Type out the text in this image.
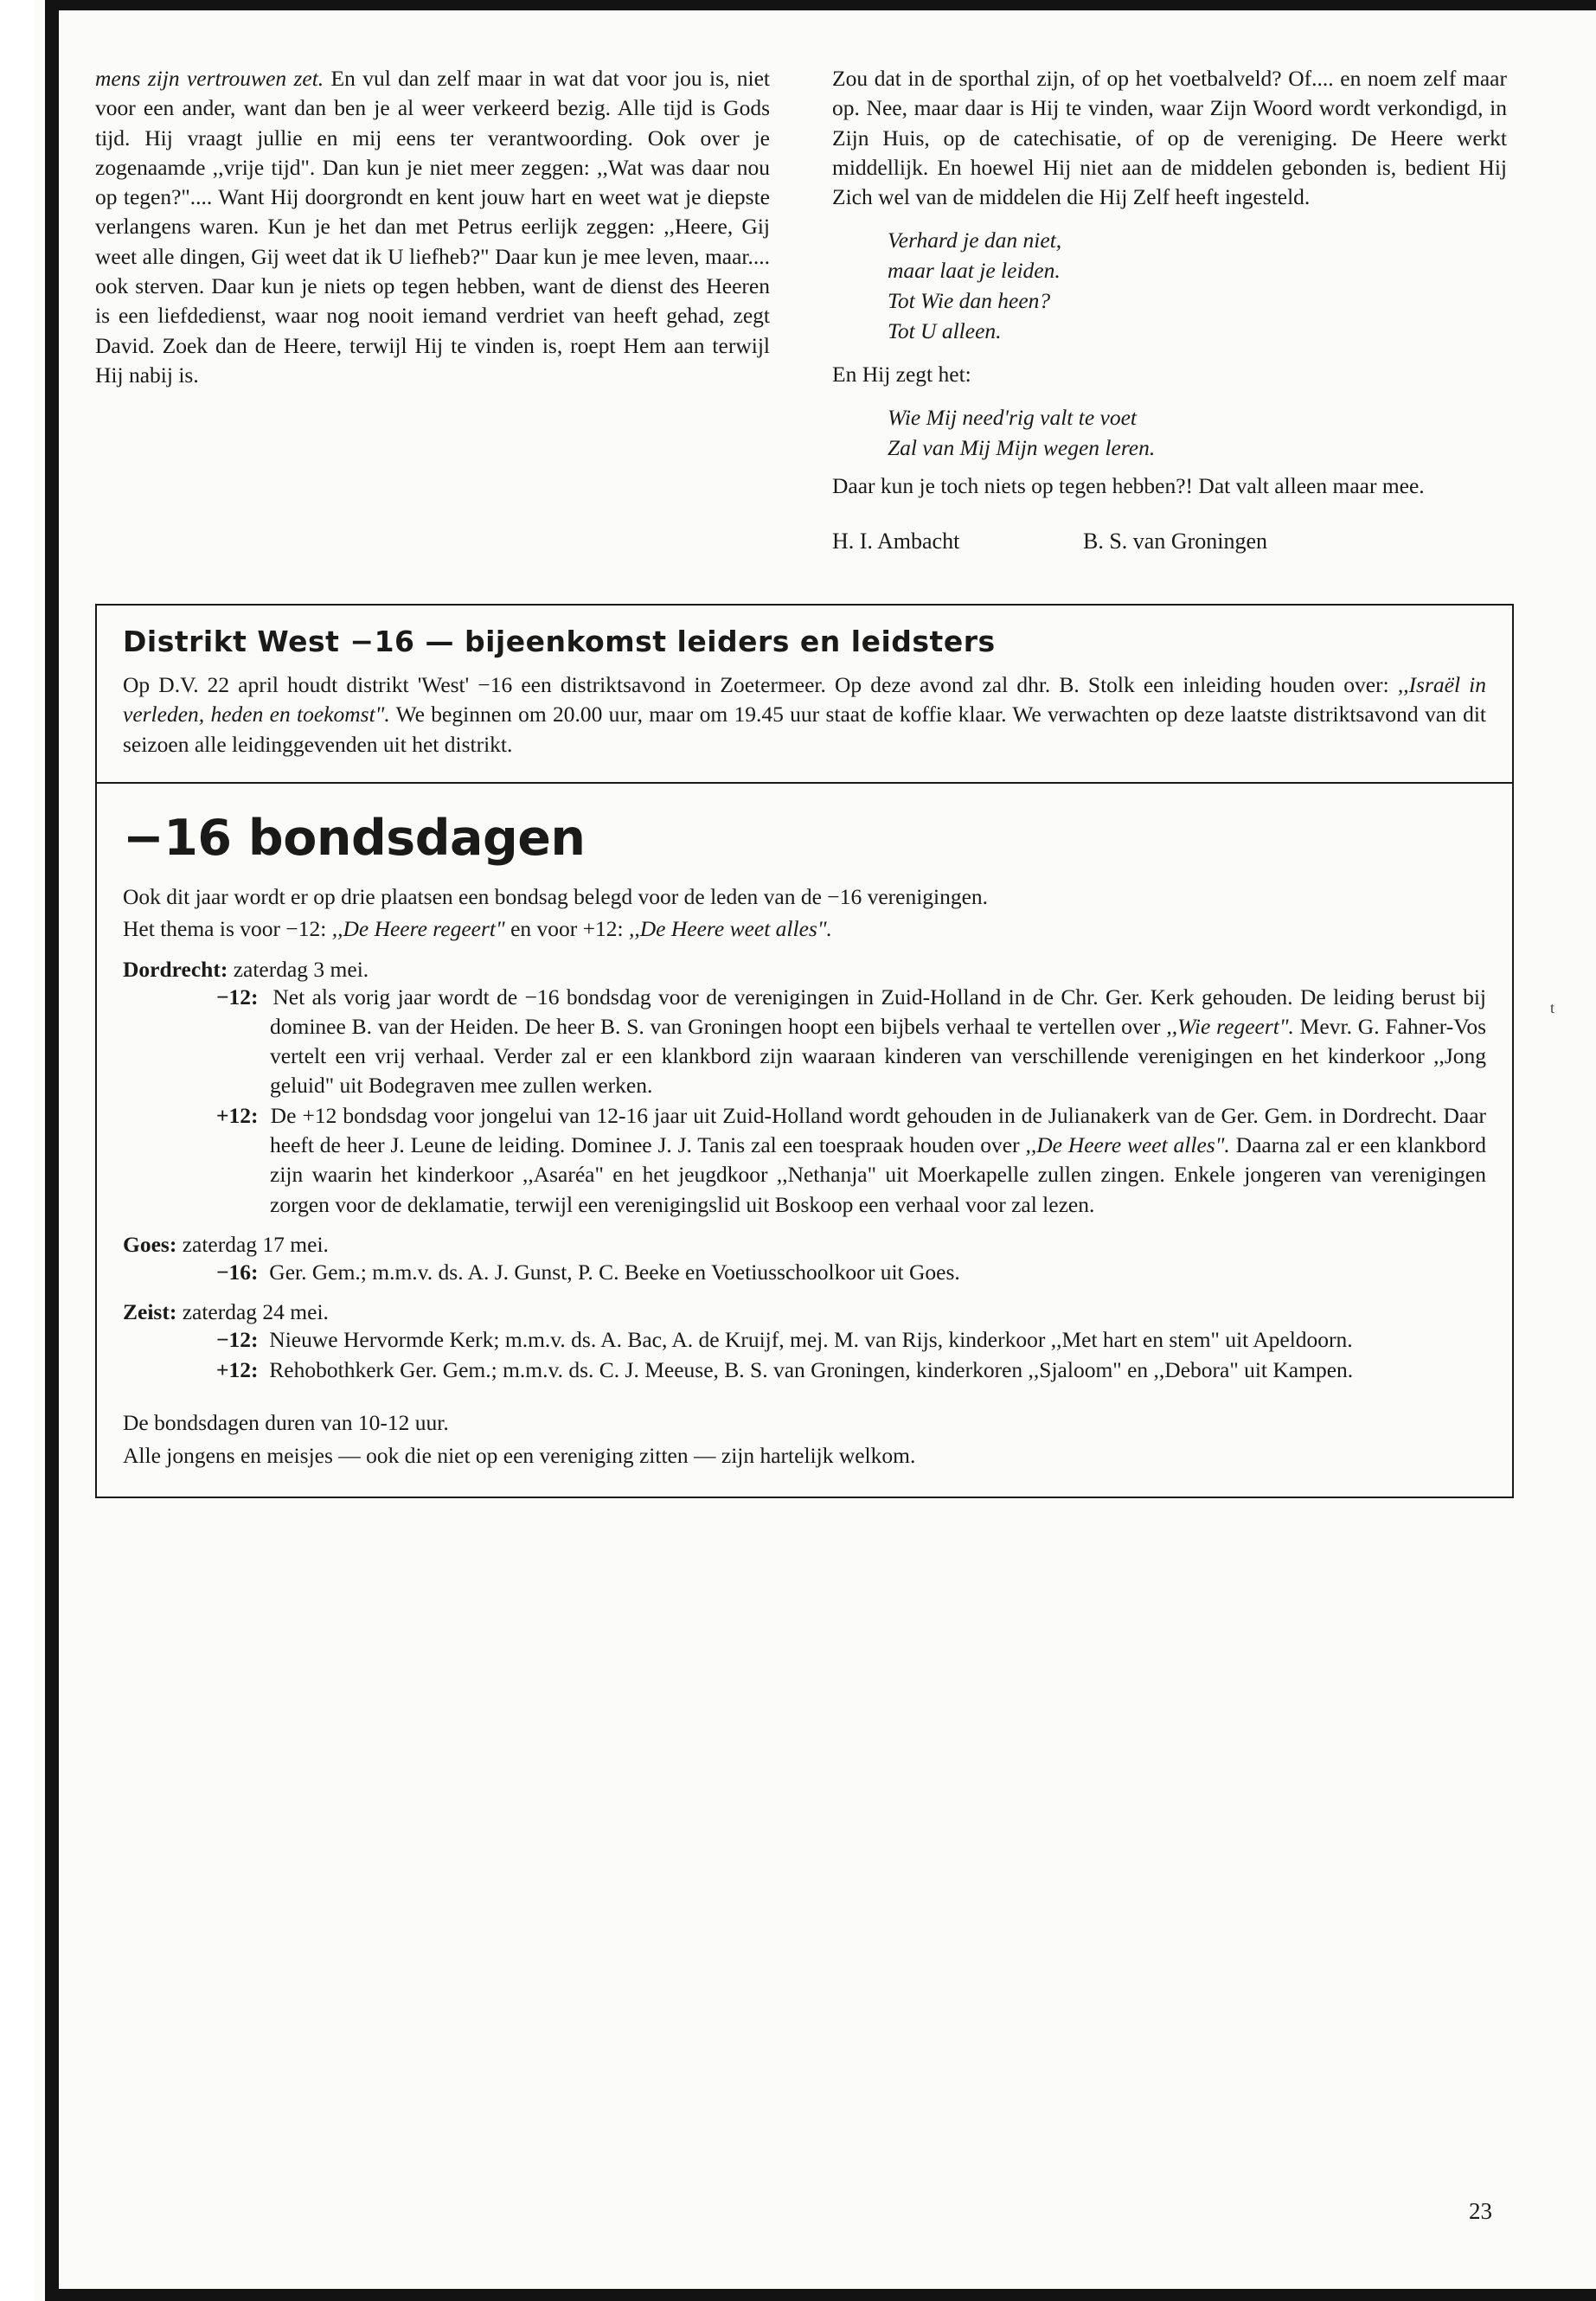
mens zijn vertrouwen zet. En vul dan zelf maar in wat dat voor jou is, niet voor een ander, want dan ben je al weer verkeerd bezig. Alle tijd is Gods tijd. Hij vraagt jullie en mij eens ter verantwoording. Ook over je zogenaamde ,,vrije tijd". Dan kun je niet meer zeggen: ,,Wat was daar nou op tegen?".... Want Hij doorgrondt en kent jouw hart en weet wat je diepste verlangens waren. Kun je het dan met Petrus eerlijk zeggen: ,,Heere, Gij weet alle dingen, Gij weet dat ik U liefheb?" Daar kun je mee leven, maar.... ook sterven. Daar kun je niets op tegen hebben, want de dienst des Heeren is een liefdedienst, waar nog nooit iemand verdriet van heeft gehad, zegt David. Zoek dan de Heere, terwijl Hij te vinden is, roept Hem aan terwijl Hij nabij is.

Zou dat in de sporthal zijn, of op het voetbalveld? Of.... en noem zelf maar op. Nee, maar daar is Hij te vinden, waar Zijn Woord wordt verkondigd, in Zijn Huis, op de catechisatie, of op de vereniging. De Heere werkt middellijk. En hoewel Hij niet aan de middelen gebonden is, bedient Hij Zich wel van de middelen die Hij Zelf heeft ingesteld.

Verhard je dan niet,
maar laat je leiden.
Tot Wie dan heen?
Tot U alleen.

En Hij zegt het:

Wie Mij need'rig valt te voet
Zal van Mij Mijn wegen leren.

Daar kun je toch niets op tegen hebben?! Dat valt alleen maar mee.

H. I. Ambacht	B. S. van Groningen
Distrikt West −16 — bijeenkomst leiders en leidsters
Op D.V. 22 april houdt distrikt 'West' −16 een distriktsavond in Zoetermeer. Op deze avond zal dhr. B. Stolk een inleiding houden over: ,,Israël in verleden, heden en toekomst". We beginnen om 20.00 uur, maar om 19.45 uur staat de koffie klaar. We verwachten op deze laatste distriktsavond van dit seizoen alle leidinggevenden uit het distrikt.
−16 bondsdagen
Ook dit jaar wordt er op drie plaatsen een bondsag belegd voor de leden van de −16 verenigingen.
Het thema is voor −12: ,,De Heere regeert" en voor +12: ,,De Heere weet alles".
Dordrecht: zaterdag 3 mei.
−12: Net als vorig jaar wordt de −16 bondsdag voor de verenigingen in Zuid-Holland in de Chr. Ger. Kerk gehouden. De leiding berust bij dominee B. van der Heiden. De heer B. S. van Groningen hoopt een bijbels verhaal te vertellen over ,,Wie regeert". Mevr. G. Fahner-Vos vertelt een vrij verhaal. Verder zal er een klankbord zijn waaraan kinderen van verschillende verenigingen en het kinderkoor ,,Jong geluid" uit Bodegraven mee zullen werken.
+12: De +12 bondsdag voor jongelui van 12-16 jaar uit Zuid-Holland wordt gehouden in de Julianakerk van de Ger. Gem. in Dordrecht. Daar heeft de heer J. Leune de leiding. Dominee J. J. Tanis zal een toespraak houden over ,,De Heere weet alles". Daarna zal er een klankbord zijn waarin het kinderkoor ,,Asaréa" en het jeugdkoor ,,Nethanja" uit Moerkapelle zullen zingen. Enkele jongeren van verenigingen zorgen voor de deklamatie, terwijl een verenigingslid uit Boskoop een verhaal voor zal lezen.
Goes: zaterdag 17 mei.
−16: Ger. Gem.; m.m.v. ds. A. J. Gunst, P. C. Beeke en Voetiusschoolkoor uit Goes.
Zeist: zaterdag 24 mei.
−12: Nieuwe Hervormde Kerk; m.m.v. ds. A. Bac, A. de Kruijf, mej. M. van Rijs, kinderkoor ,,Met hart en stem" uit Apeldoorn.
+12: Rehobothkerk Ger. Gem.; m.m.v. ds. C. J. Meeuse, B. S. van Groningen, kinderkoren ,,Sjaloom" en ,,Debora" uit Kampen.
De bondsdagen duren van 10-12 uur.
Alle jongens en meisjes — ook die niet op een vereniging zitten — zijn hartelijk welkom.
t
23
